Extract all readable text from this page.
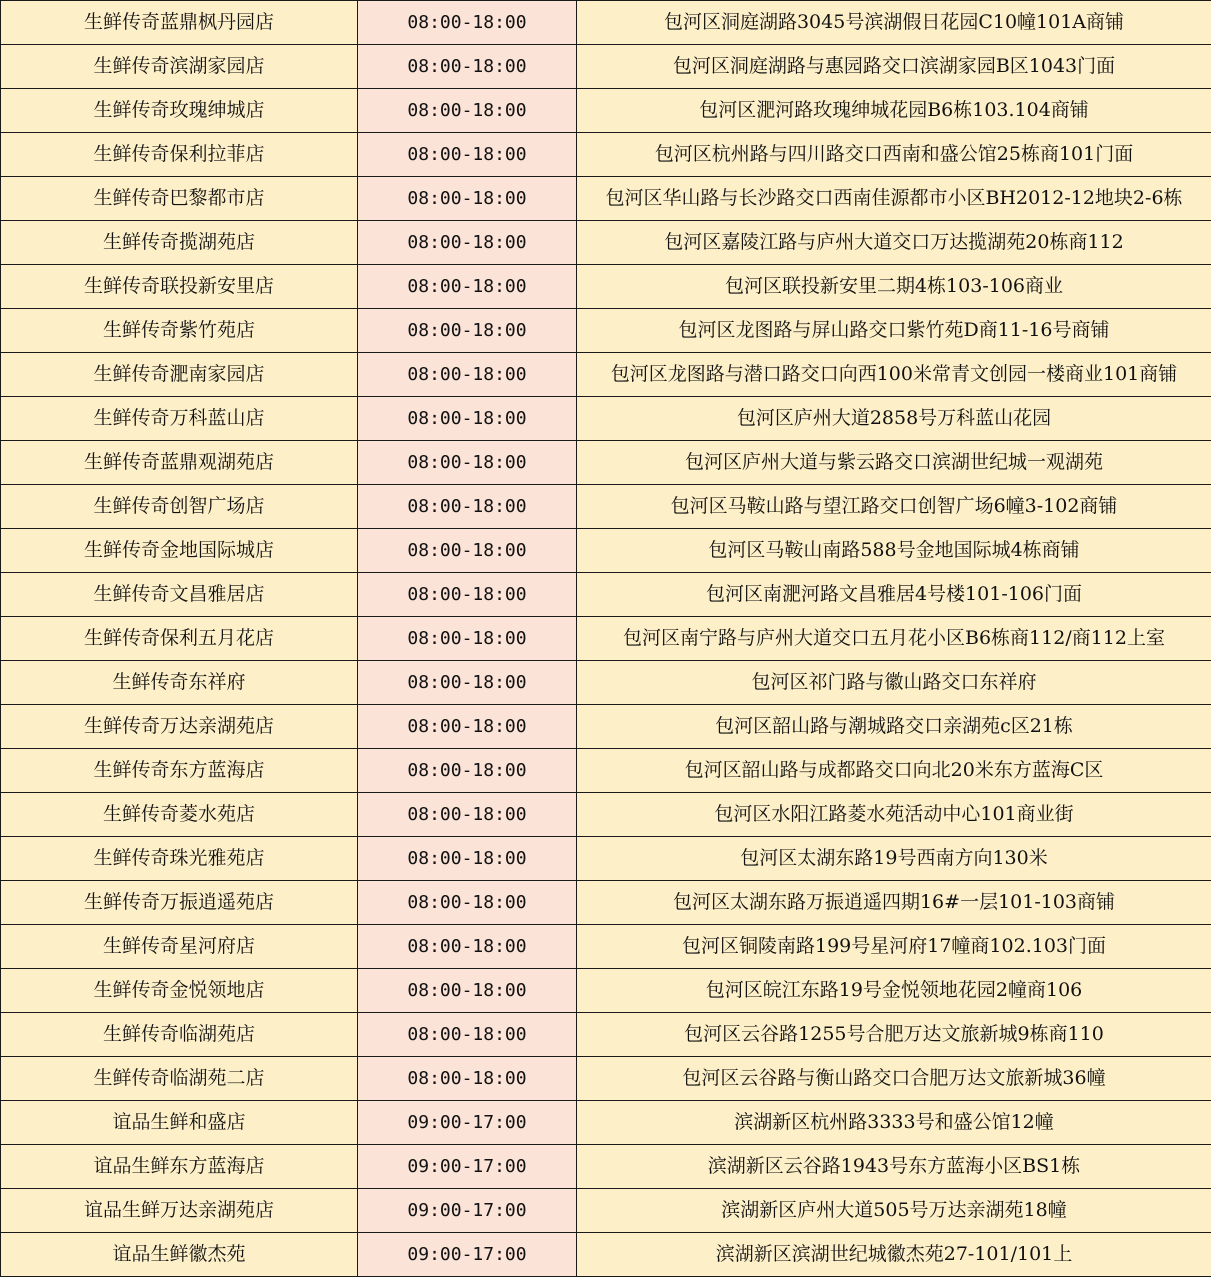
生鲜传奇蓝鼎枫丹园店	08:00-18:00	包河区洞庭湖路3045号滨湖假日花园C10幢101A商铺
生鲜传奇滨湖家园店	08:00-18:00	包河区洞庭湖路与惠园路交口滨湖家园B区1043门面
生鲜传奇玫瑰绅城店	08:00-18:00	包河区淝河路玫瑰绅城花园B6栋103.104商铺
生鲜传奇保利拉菲店	08:00-18:00	包河区杭州路与四川路交口西南和盛公馆25栋商101门面
生鲜传奇巴黎都市店	08:00-18:00	包河区华山路与长沙路交口西南佳源都市小区BH2012-12地块2-6栋
生鲜传奇揽湖苑店	08:00-18:00	包河区嘉陵江路与庐州大道交口万达揽湖苑20栋商112
生鲜传奇联投新安里店	08:00-18:00	包河区联投新安里二期4栋103-106商业
生鲜传奇紫竹苑店	08:00-18:00	包河区龙图路与屏山路交口紫竹苑D商11-16号商铺
生鲜传奇淝南家园店	08:00-18:00	包河区龙图路与潜口路交口向西100米常青文创园一楼商业101商铺
生鲜传奇万科蓝山店	08:00-18:00	包河区庐州大道2858号万科蓝山花园
生鲜传奇蓝鼎观湖苑店	08:00-18:00	包河区庐州大道与紫云路交口滨湖世纪城一观湖苑
生鲜传奇创智广场店	08:00-18:00	包河区马鞍山路与望江路交口创智广场6幢3-102商铺
生鲜传奇金地国际城店	08:00-18:00	包河区马鞍山南路588号金地国际城4栋商铺
生鲜传奇文昌雅居店	08:00-18:00	包河区南淝河路文昌雅居4号楼101-106门面
生鲜传奇保利五月花店	08:00-18:00	包河区南宁路与庐州大道交口五月花小区B6栋商112/商112上室
生鲜传奇东祥府	08:00-18:00	包河区祁门路与徽山路交口东祥府
生鲜传奇万达亲湖苑店	08:00-18:00	包河区韶山路与潮城路交口亲湖苑c区21栋
生鲜传奇东方蓝海店	08:00-18:00	包河区韶山路与成都路交口向北20米东方蓝海C区
生鲜传奇菱水苑店	08:00-18:00	包河区水阳江路菱水苑活动中心101商业街
生鲜传奇珠光雅苑店	08:00-18:00	包河区太湖东路19号西南方向130米
生鲜传奇万振逍遥苑店	08:00-18:00	包河区太湖东路万振逍遥四期16#一层101-103商铺
生鲜传奇星河府店	08:00-18:00	包河区铜陵南路199号星河府17幢商102.103门面
生鲜传奇金悦领地店	08:00-18:00	包河区皖江东路19号金悦领地花园2幢商106
生鲜传奇临湖苑店	08:00-18:00	包河区云谷路1255号合肥万达文旅新城9栋商110
生鲜传奇临湖苑二店	08:00-18:00	包河区云谷路与衡山路交口合肥万达文旅新城36幢
谊品生鲜和盛店	09:00-17:00	滨湖新区杭州路3333号和盛公馆12幢
谊品生鲜东方蓝海店	09:00-17:00	滨湖新区云谷路1943号东方蓝海小区BS1栋
谊品生鲜万达亲湖苑店	09:00-17:00	滨湖新区庐州大道505号万达亲湖苑18幢
谊品生鲜徽杰苑	09:00-17:00	滨湖新区滨湖世纪城徽杰苑27-101/101上
